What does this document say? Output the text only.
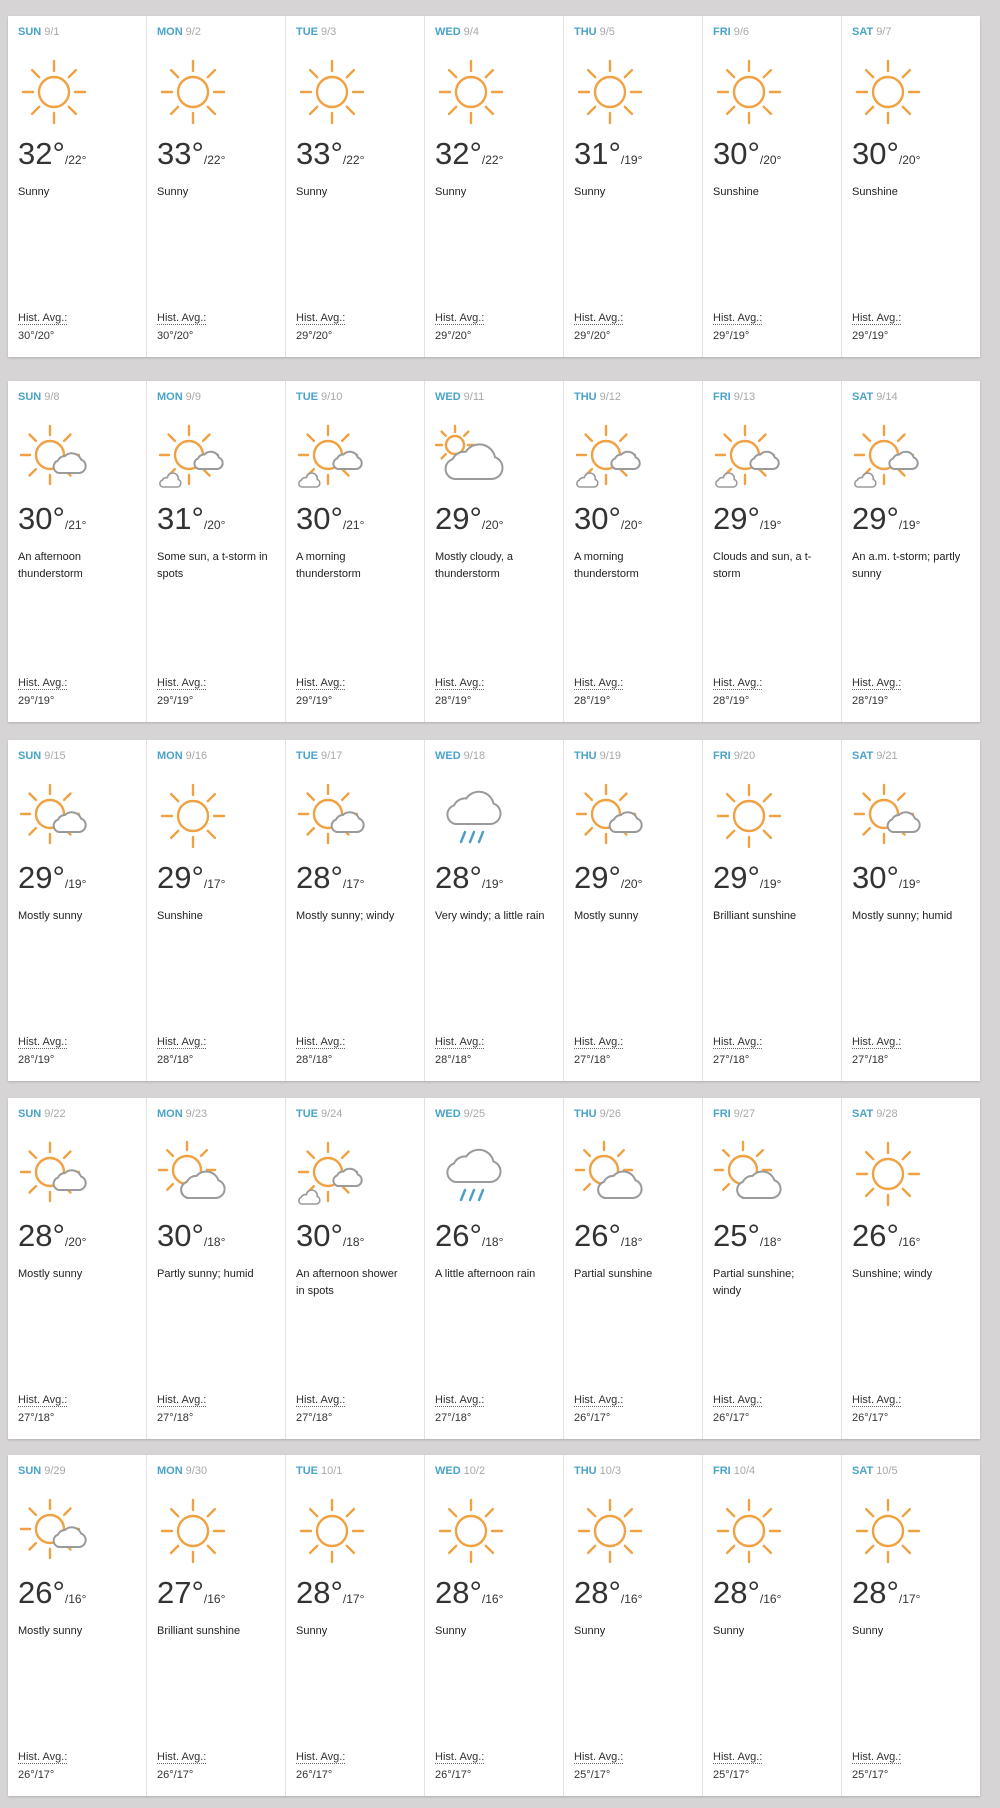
SUN 9/1
32°/22°
Sunny
Hist. Avg.:
30°/20°
MON 9/2
33°/22°
Sunny
Hist. Avg.:
30°/20°
TUE 9/3
33°/22°
Sunny
Hist. Avg.:
29°/20°
WED 9/4
32°/22°
Sunny
Hist. Avg.:
29°/20°
THU 9/5
31°/19°
Sunny
Hist. Avg.:
29°/20°
FRI 9/6
30°/20°
Sunshine
Hist. Avg.:
29°/19°
SAT 9/7
30°/20°
Sunshine
Hist. Avg.:
29°/19°
SUN 9/8
30°/21°
An afternoon thunderstorm
Hist. Avg.:
29°/19°
MON 9/9
31°/20°
Some sun, a t-storm in spots
Hist. Avg.:
29°/19°
TUE 9/10
30°/21°
A morning thunderstorm
Hist. Avg.:
29°/19°
WED 9/11
29°/20°
Mostly cloudy, a thunderstorm
Hist. Avg.:
28°/19°
THU 9/12
30°/20°
A morning thunderstorm
Hist. Avg.:
28°/19°
FRI 9/13
29°/19°
Clouds and sun, a t-storm
Hist. Avg.:
28°/19°
SAT 9/14
29°/19°
An a.m. t-storm; partly sunny
Hist. Avg.:
28°/19°
SUN 9/15
29°/19°
Mostly sunny
Hist. Avg.:
28°/19°
MON 9/16
29°/17°
Sunshine
Hist. Avg.:
28°/18°
TUE 9/17
28°/17°
Mostly sunny; windy
Hist. Avg.:
28°/18°
WED 9/18
28°/19°
Very windy; a little rain
Hist. Avg.:
28°/18°
THU 9/19
29°/20°
Mostly sunny
Hist. Avg.:
27°/18°
FRI 9/20
29°/19°
Brilliant sunshine
Hist. Avg.:
27°/18°
SAT 9/21
30°/19°
Mostly sunny; humid
Hist. Avg.:
27°/18°
SUN 9/22
28°/20°
Mostly sunny
Hist. Avg.:
27°/18°
MON 9/23
30°/18°
Partly sunny; humid
Hist. Avg.:
27°/18°
TUE 9/24
30°/18°
An afternoon shower in spots
Hist. Avg.:
27°/18°
WED 9/25
26°/18°
A little afternoon rain
Hist. Avg.:
27°/18°
THU 9/26
26°/18°
Partial sunshine
Hist. Avg.:
26°/17°
FRI 9/27
25°/18°
Partial sunshine; windy
Hist. Avg.:
26°/17°
SAT 9/28
26°/16°
Sunshine; windy
Hist. Avg.:
26°/17°
SUN 9/29
26°/16°
Mostly sunny
Hist. Avg.:
26°/17°
MON 9/30
27°/16°
Brilliant sunshine
Hist. Avg.:
26°/17°
TUE 10/1
28°/17°
Sunny
Hist. Avg.:
26°/17°
WED 10/2
28°/16°
Sunny
Hist. Avg.:
26°/17°
THU 10/3
28°/16°
Sunny
Hist. Avg.:
25°/17°
FRI 10/4
28°/16°
Sunny
Hist. Avg.:
25°/17°
SAT 10/5
28°/17°
Sunny
Hist. Avg.:
25°/17°
